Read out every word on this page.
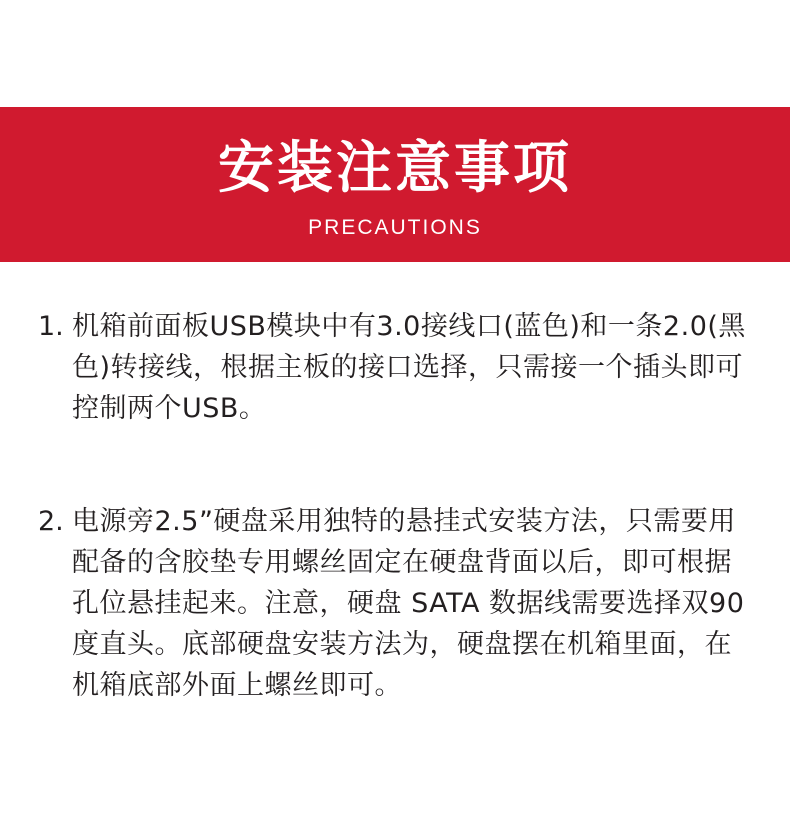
安装注意事项
PRECAUTIONS
1. 机箱前面板USB模块中有3.0接线口(蓝色)和一条2.0(黑色)转接线，根据主板的接口选择，只需接一个插头即可控制两个USB。
2. 电源旁2.5”硬盘采用独特的悬挂式安装方法，只需要用配备的含胶垫专用螺丝固定在硬盘背面以后，即可根据孔位悬挂起来。注意，硬盘 SATA 数据线需要选择双90度直头。底部硬盘安装方法为，硬盘摆在机箱里面，在机箱底部外面上螺丝即可。
